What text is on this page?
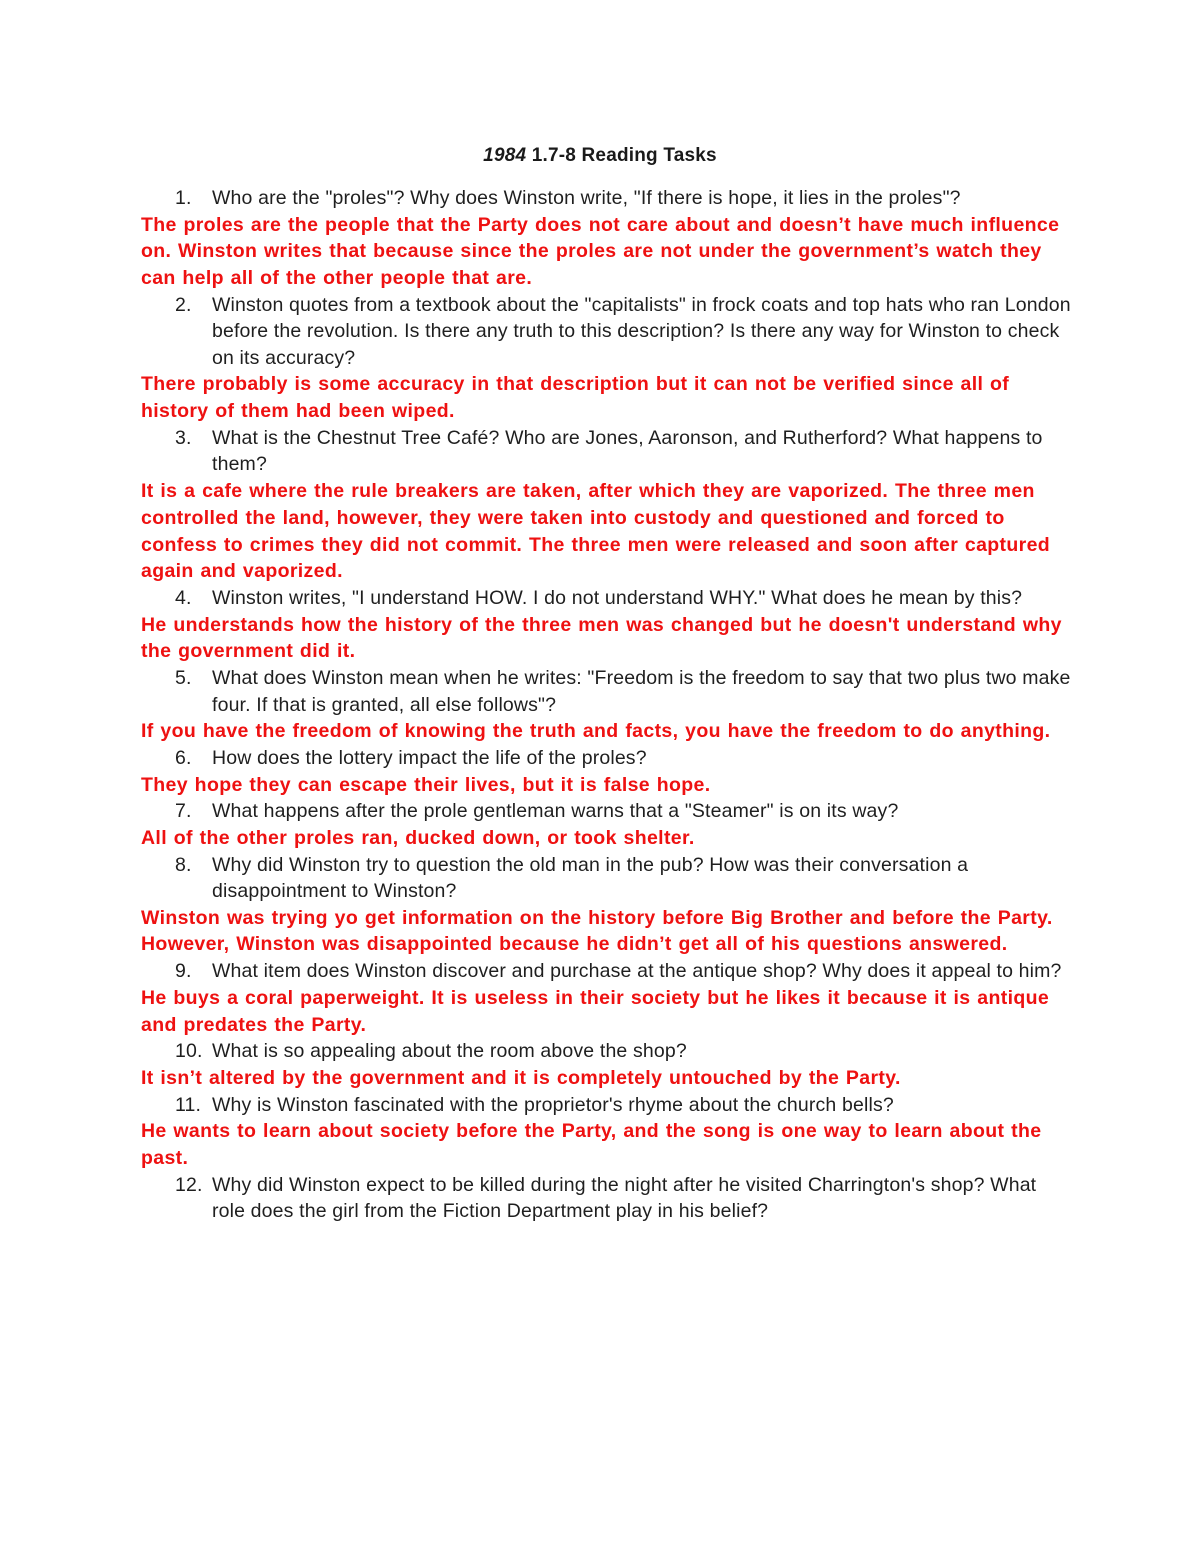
1984 1.7-8 Reading Tasks
1.	Who are the "proles"? Why does Winston write, "If there is hope, it lies in the proles"?
The proles are the people that the Party does not care about and doesn’t have much influence on. Winston writes that because since the proles are not under the government’s watch they can help all of the other people that are.
2.	Winston quotes from a textbook about the "capitalists" in frock coats and top hats who ran London before the revolution. Is there any truth to this description? Is there any way for Winston to check on its accuracy?
There probably is some accuracy in that description but it can not be verified since all of history of them had been wiped.
3.	What is the Chestnut Tree Café? Who are Jones, Aaronson, and Rutherford? What happens to them?
It is a cafe where the rule breakers are taken, after which they are vaporized. The three men controlled the land, however, they were taken into custody and questioned and forced to confess to crimes they did not commit. The three men were released and soon after captured again and vaporized.
4.	Winston writes, "I understand HOW. I do not understand WHY." What does he mean by this?
He understands how the history of the three men was changed but he doesn't understand why the government did it.
5.	What does Winston mean when he writes: "Freedom is the freedom to say that two plus two make four. If that is granted, all else follows"?
If you have the freedom of knowing the truth and facts, you have the freedom to do anything.
6.	How does the lottery impact the life of the proles?
They hope they can escape their lives, but it is false hope.
7.	What happens after the prole gentleman warns that a "Steamer" is on its way?
All of the other proles ran, ducked down, or took shelter.
8.	Why did Winston try to question the old man in the pub? How was their conversation a disappointment to Winston?
Winston was trying yo get information on the history before Big Brother and before the Party. However, Winston was disappointed because he didn’t get all of his questions answered.
9.	What item does Winston discover and purchase at the antique shop? Why does it appeal to him?
He buys a coral paperweight. It is useless in their society but he likes it because it is antique and predates the Party.
10. What is so appealing about the room above the shop?
It isn’t altered by the government and it is completely untouched by the Party.
11. Why is Winston fascinated with the proprietor's rhyme about the church bells?
He wants to learn about society before the Party, and the song is one way to learn about the past.
12. Why did Winston expect to be killed during the night after he visited Charrington's shop? What role does the girl from the Fiction Department play in his belief?
